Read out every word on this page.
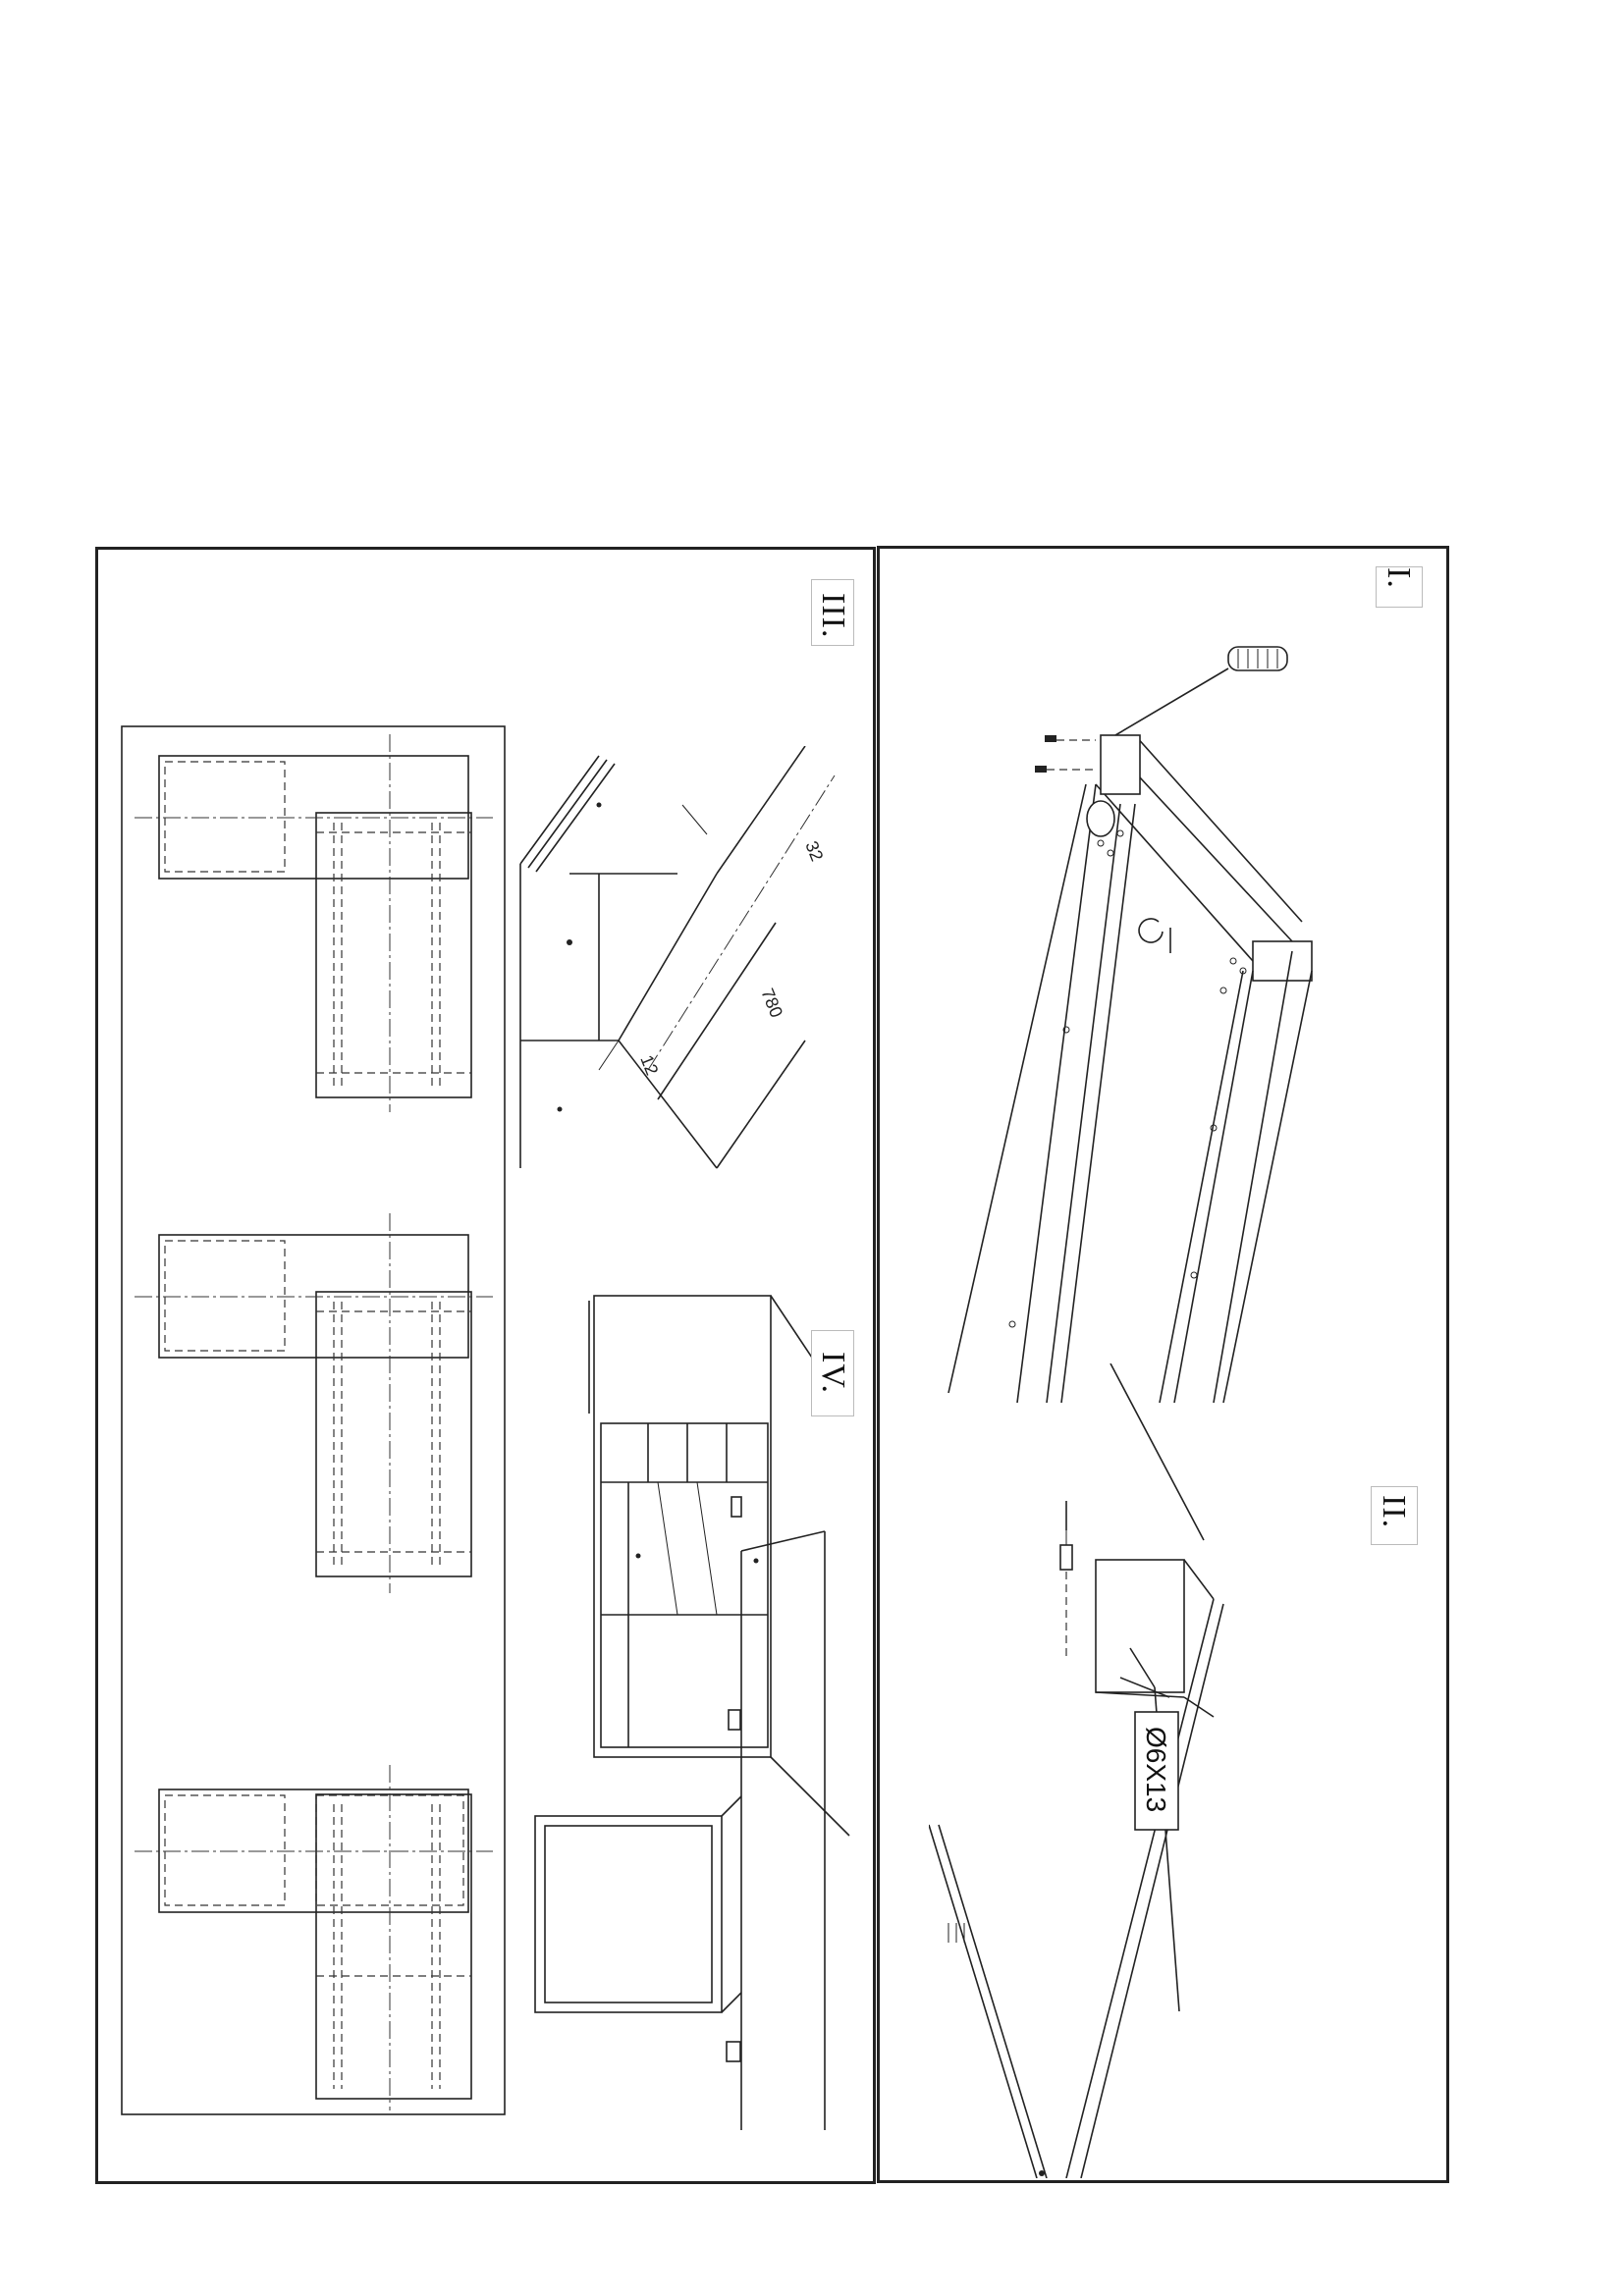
780
12
32
III.
IV.
Ø6X13
I.
II.
